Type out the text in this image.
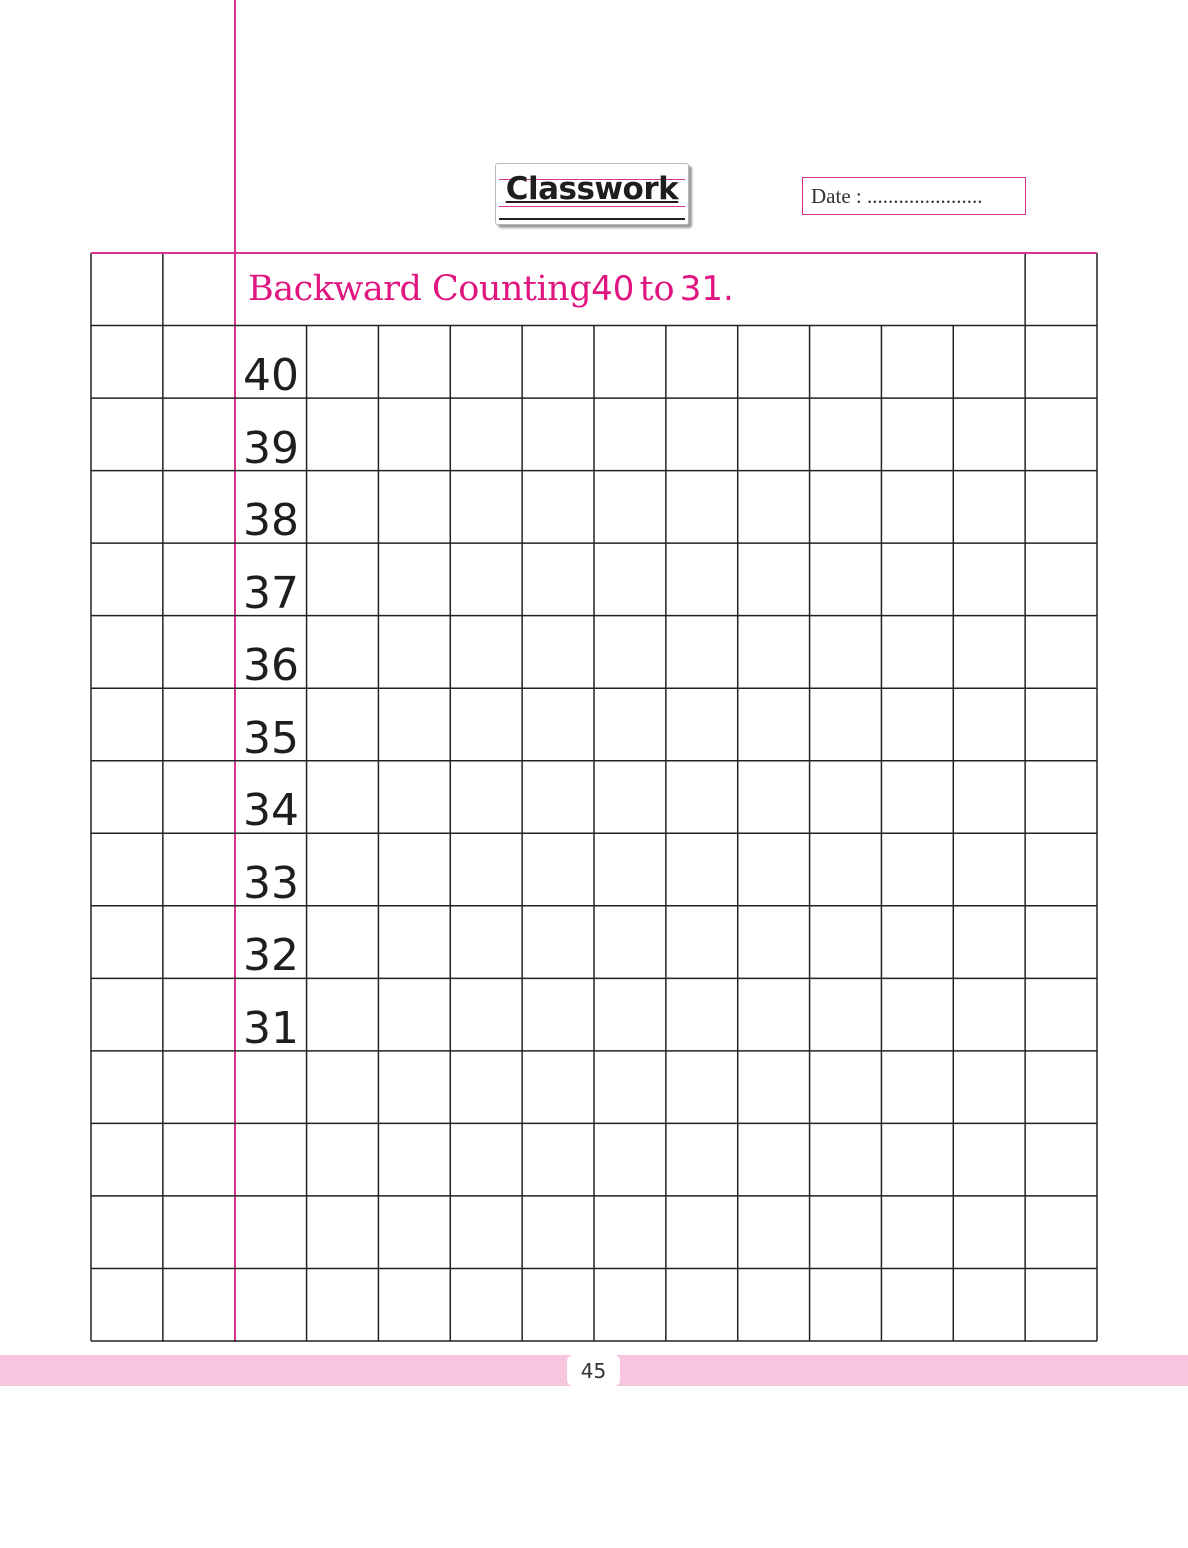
Classwork	Date : ......................
Backward Counting40 to 31.
40
39
38
37
36
35
34
33
32
31
45
